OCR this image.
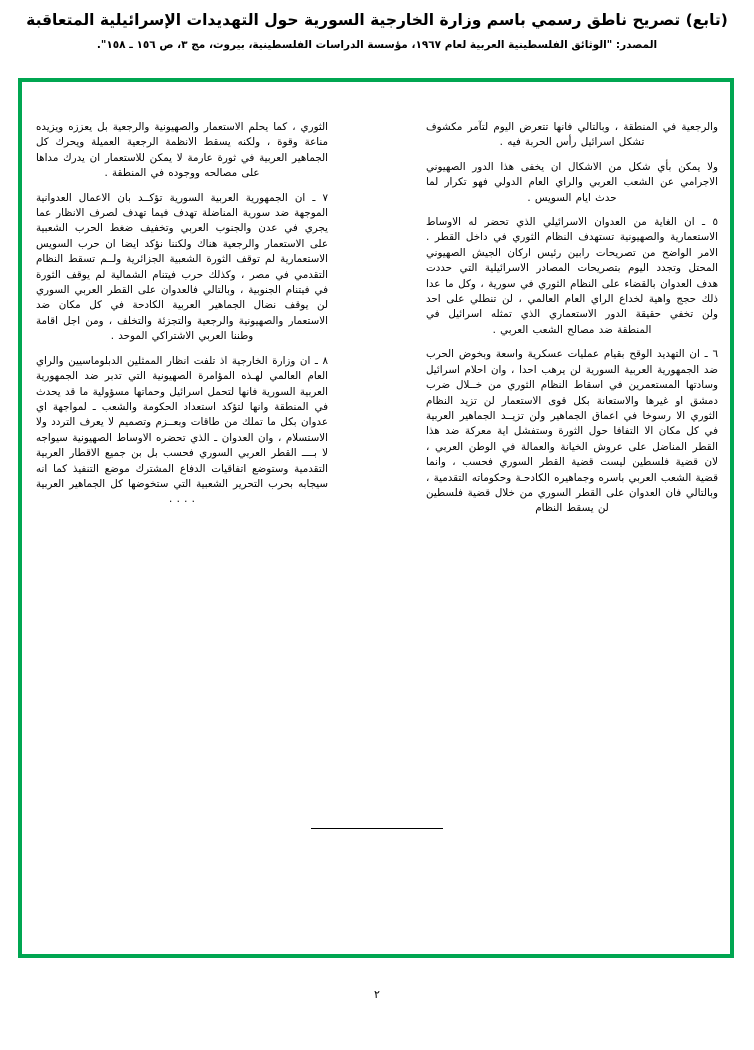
(تابع) تصريح ناطق رسمي باسم وزارة الخارجية السورية حول التهديدات الإسرائيلية المتعاقبة
المصدر: "الوثائق الفلسطينية العربية لعام ١٩٦٧، مؤسسة الدراسات الفلسطينية، بيروت، مج ٣، ص ١٥٦ ـ ١٥٨".

الثوري ، كما يحلم الاستعمار والصهيونية والرجعية بل يعززه ويزيده مناعة وقوة ، ولكنه يسقط الانظمة الرجعية العميلة ويحرك كل الجماهير العربية في ثورة عارمة لا يمكن للاستعمار ان يدرك مداها على مصالحه ووجوده في المنطقة .

٧ ـ ان الجمهورية العربية السورية تؤكــد بان الاعمال العدوانية الموجهة ضد سورية المناضلة تهدف فيما تهدف لصرف الانظار عما يجري في عدن والجنوب العربي وتخفيف ضغط الحرب الشعبية على الاستعمار والرجعية هناك ولكننا نؤكد ايضا ان حرب السويس الاستعمارية لم توقف الثورة الشعبية الجزائرية ولــم تسقط النظام التقدمي في مصر ، وكذلك حرب فيتنام الشمالية لم يوقف الثورة في فيتنام الجنوبية ، وبالتالي فالعدوان على القطر العربي السوري لن يوقف نضال الجماهير العربية الكادحة في كل مكان ضد الاستعمار والصهيونية والرجعية والتجزئة والتخلف ، ومن اجل اقامة وطننا العربي الاشتراكي الموحد .

٨ ـ ان وزارة الخارجية اذ تلفت انظار الممثلين الدبلوماسيين والراي العام العالمي لهـذه المؤامرة الصهيونية التي تدبر ضد الجمهورية العربية السورية فانها لتحمل اسرائيل وحماتها مسؤولية ما قد يحدث في المنطقة وانها لتؤكد استعداد الحكومة والشعب ـ لمواجهة اي عدوان بكل ما تملك من طاقات وبعــزم وتصميم لا يعرف التردد ولا الاستسلام ، وان العدوان ـ الذي تحضره الاوساط الصهيونية سيواجه لا بــــ القطر العربي السوري فحسب بل بن جميع الاقطار العربية التقدمية وستوضع اتفاقيات الدفاع المشترك موضع التنفيذ كما انه سيجابه بحرب التحرير الشعبية التي ستخوضها كل الجماهير العربية . . . .

والرجعية في المنطقة ، وبالتالي فانها تتعرض اليوم لتآمر مكشوف تشكل اسرائيل رأس الحربة فيه .

ولا يمكن بأي شكل من الاشكال ان يخفى هذا الدور الصهيوني الاجرامي عن الشعب العربي والراي العام الدولي فهو تكرار لما حدث ايام السويس .

٥ ـ ان الغاية من العدوان الاسرائيلي الذي تحضر له الاوساط الاستعمارية والصهيونية تستهدف النظام الثوري في داخل القطر . الامر الواضح من تصريحات رابين رئيس اركان الجيش الصهيوني المحتل وتجدد اليوم بتصريحات المصادر الاسرائيلية التي حددت هدف العدوان بالقضاء على النظام الثوري في سورية ، وكل ما عدا ذلك حجج واهية لخداع الراي العام العالمي ، لن تنطلي على احد ولن تخفي حقيقة الدور الاستعماري الذي تمثله اسرائيل في المنطقة ضد مصالح الشعب العربي .

٦ ـ ان التهديد الوقح بقيام عمليات عسكرية واسعة وبخوض الحرب ضد الجمهورية العربية السورية لن يرهب احدا ، وان احلام اسرائيل وسادتها المستعمرين في اسقاط النظام الثوري من خــلال ضرب دمشق او غيرها والاستعانة بكل قوى الاستعمار لن تزيد النظام الثوري الا رسوخا في اعماق الجماهير ولن تزيــد الجماهير العربية في كل مكان الا التفافا حول الثورة وستفشل اية معركة ضد هذا القطر المناضل على عروش الخيانة والعمالة في الوطن العربي ، لان قضية فلسطين ليست قضية القطر السوري فحسب ، وانما قضية الشعب العربي باسره وجماهيره الكادحـة وحكوماته التقدمية ، وبالتالي فان العدوان على القطر السوري من خلال قضية فلسطين لن يسقط النظام

٢
